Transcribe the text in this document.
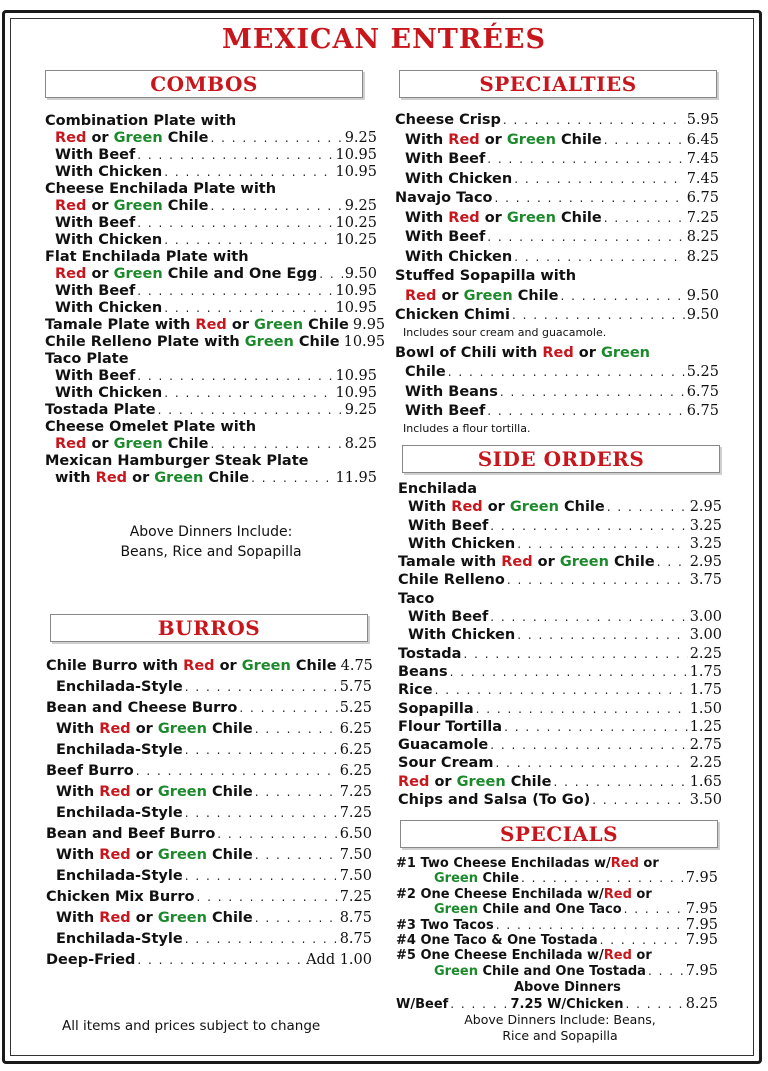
MEXICAN ENTRÉES
COMBOS
Combination Plate with
Red or Green Chile . . .	9.25
With Beef . . .	10.95
With Chicken . . .	10.95
Cheese Enchilada Plate with
Red or Green Chile . . .	9.25
With Beef . . .	10.25
With Chicken . . .	10.25
Flat Enchilada Plate with
Red or Green Chile and One Egg . . . 9.50
With Beef . . .	10.95
With Chicken . . .	10.95
Tamale Plate with Red or Green Chile 9.95
Chile Relleno Plate with Green Chile 10.95
Taco Plate
With Beef . . .	10.95
With Chicken . . .	10.95
Tostada Plate . . .	9.25
Cheese Omelet Plate with
Red or Green Chile . . .	8.25
Mexican Hamburger Steak Plate
with Red or Green Chile . . .	11.95
Above Dinners Include:
Beans, Rice and Sopapilla
BURROS
Chile Burro with Red or Green Chile 4.75
Enchilada-Style . . .	5.75
Bean and Cheese Burro . . .	5.25
With Red or Green Chile . . .	6.25
Enchilada-Style . . .	6.25
Beef Burro . . .	6.25
With Red or Green Chile . . .	7.25
Enchilada-Style . . .	7.25
Bean and Beef Burro . . .	6.50
With Red or Green Chile . . .	7.50
Enchilada-Style . . .	7.50
Chicken Mix Burro . . .	7.25
With Red or Green Chile . . .	8.75
Enchilada-Style . . .	8.75
Deep-Fried . . .	Add 1.00
All items and prices subject to change
SPECIALTIES
Cheese Crisp . . .	5.95
With Red or Green Chile . . .	6.45
With Beef . . .	7.45
With Chicken . . .	7.45
Navajo Taco . . .	6.75
With Red or Green Chile . . .	7.25
With Beef . . .	8.25
With Chicken . . .	8.25
Stuffed Sopapilla with
Red or Green Chile . . .	9.50
Chicken Chimi . . .	9.50
Includes sour cream and guacamole.
Bowl of Chili with Red or Green
Chile . . .	5.25
With Beans . . .	6.75
With Beef . . .	6.75
Includes a flour tortilla.
SIDE ORDERS
Enchilada
With Red or Green Chile . . .	2.95
With Beef . . .	3.25
With Chicken . . .	3.25
Tamale with Red or Green Chile . . . 2.95
Chile Relleno . . .	3.75
Taco
With Beef . . .	3.00
With Chicken . . .	3.00
Tostada . . .	2.25
Beans . . .	1.75
Rice . . .	1.75
Sopapilla . . .	1.50
Flour Tortilla . . .	1.25
Guacamole . . .	2.75
Sour Cream . . .	2.25
Red or Green Chile . . .	1.65
Chips and Salsa (To Go) . . .	3.50
SPECIALS
#1 Two Cheese Enchiladas w/Red or
Green Chile . . .	7.95
#2 One Cheese Enchilada w/Red or
Green Chile and One Taco . . .	7.95
#3 Two Tacos . . .	7.95
#4 One Taco & One Tostada . . .	7.95
#5 One Cheese Enchilada w/Red or
Green Chile and One Tostada . . .	7.95
Above Dinners
W/Beef . . .	7.25 W/Chicken . . .	8.25
Above Dinners Include: Beans,
Rice and Sopapilla
